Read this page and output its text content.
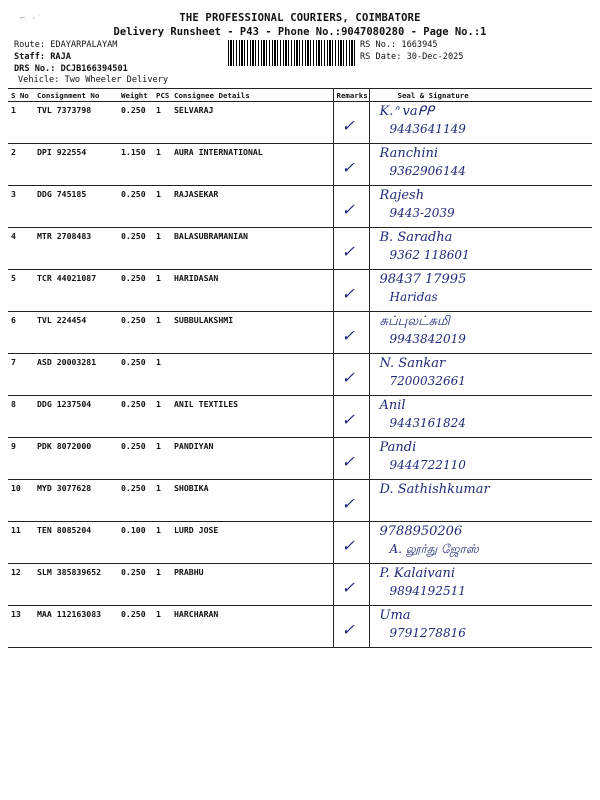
⌐ ·ˊ	THE PROFESSIONAL COURIERS, COIMBATORE
Delivery Runsheet - P43 - Phone No.:9047080280 - Page No.:1
Route: EDAYARPALAYAM
Staff: RAJA
DRS No.: DCJB166394501
Vehicle: Two Wheeler Delivery
RS No.: 1663945
RS Date: 30-Dec-2025
S No	Consignment No	Weight	PCS	Consignee Details	Remarks	Seal & Signature
1	TVL 7373798	0.250	1	SELVARAJ	✓	K.ᐢ vaᑭᑭ
9443641149

2	DPI 922554	1.150	1	AURA INTERNATIONAL	✓	Ranchini
9362906144

3	DDG 745185	0.250	1	RAJASEKAR	✓	Rajesh
9443-2039

4	MTR 2708483	0.250	1	BALASUBRAMANIAN	✓	B. Saradha
9362 118601

5	TCR 44021087	0.250	1	HARIDASAN	✓	98437 17995
Haridas

6	TVL 224454	0.250	1	SUBBULAKSHMI	✓	சுப்புலட்சுமி
9943842019

7	ASD 20003281	0.250	1		✓	N. Sankar
7200032661

8	DDG 1237504	0.250	1	ANIL TEXTILES	✓	Anil
9443161824

9	PDK 8072000	0.250	1	PANDIYAN	✓	Pandi
9444722110

10	MYD 3077628	0.250	1	SHOBIKA	✓	D. Sathishkumar

11	TEN 8085204	0.100	1	LURD JOSE	✓	9788950206
A. லூர்து ஜோஸ்

12	SLM 385839652	0.250	1	PRABHU	✓	P. Kalaivani
9894192511

13	MAA 112163083	0.250	1	HARCHARAN	✓	Uma
9791278816
